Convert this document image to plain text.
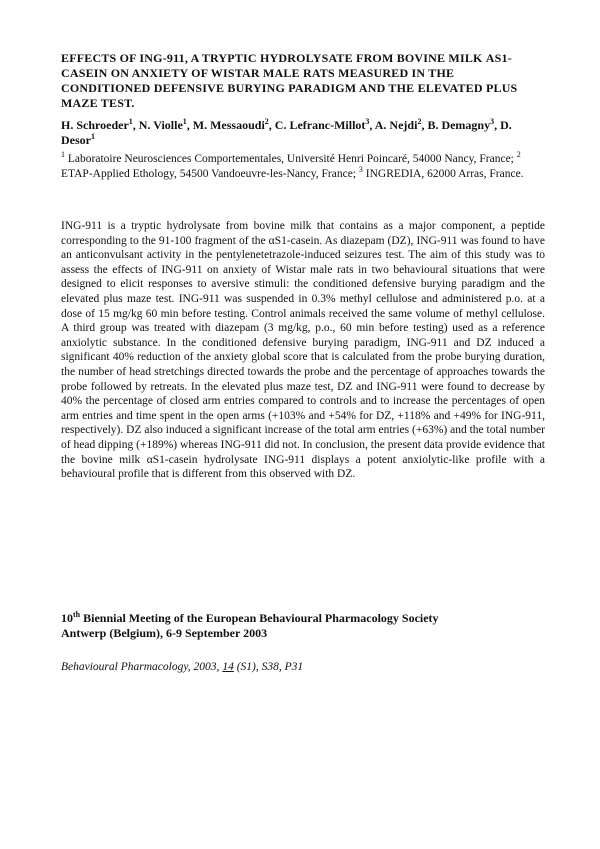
EFFECTS OF ING-911, A TRYPTIC HYDROLYSATE FROM BOVINE MILK ΑS1-CASEIN ON ANXIETY OF WISTAR MALE RATS MEASURED IN THE CONDITIONED DEFENSIVE BURYING PARADIGM AND THE ELEVATED PLUS MAZE TEST.
H. Schroeder$^1$, N. Violle$^1$, M. Messaoudi$^2$, C. Lefranc-Millot$^3$, A. Nejdi$^2$, B. Demagny$^3$, D. Desor$^1$
$^1$ Laboratoire Neurosciences Comportementales, Université Henri Poincaré, 54000 Nancy, France; $^2$ ETAP-Applied Ethology, 54500 Vandoeuvre-les-Nancy, France; $^3$ INGREDIA, 62000 Arras, France.

ING-911 is a tryptic hydrolysate from bovine milk that contains as a major component, a peptide corresponding to the 91-100 fragment of the αS1-casein. As diazepam (DZ), ING-911 was found to have an anticonvulsant activity in the pentylenetetrazole-induced seizures test. The aim of this study was to assess the effects of ING-911 on anxiety of Wistar male rats in two behavioural situations that were designed to elicit responses to aversive stimuli: the conditioned defensive burying paradigm and the elevated plus maze test. ING-911 was suspended in 0.3% methyl cellulose and administered p.o. at a dose of 15 mg/kg 60 min before testing. Control animals received the same volume of methyl cellulose. A third group was treated with diazepam (3 mg/kg, p.o., 60 min before testing) used as a reference anxiolytic substance. In the conditioned defensive burying paradigm, ING-911 and DZ induced a significant 40% reduction of the anxiety global score that is calculated from the probe burying duration, the number of head stretchings directed towards the probe and the percentage of approaches towards the probe followed by retreats. In the elevated plus maze test, DZ and ING-911 were found to decrease by 40% the percentage of closed arm entries compared to controls and to increase the percentages of open arm entries and time spent in the open arms (+103% and +54% for DZ, +118% and +49% for ING-911, respectively). DZ also induced a significant increase of the total arm entries (+63%) and the total number of head dipping (+189%) whereas ING-911 did not. In conclusion, the present data provide evidence that the bovine milk αS1-casein hydrolysate ING-911 displays a potent anxiolytic-like profile with a behavioural profile that is different from this observed with DZ.

10th Biennial Meeting of the European Behavioural Pharmacology Society
Antwerp (Belgium), 6-9 September 2003
Behavioural Pharmacology, 2003, 14 (S1), S38, P31
